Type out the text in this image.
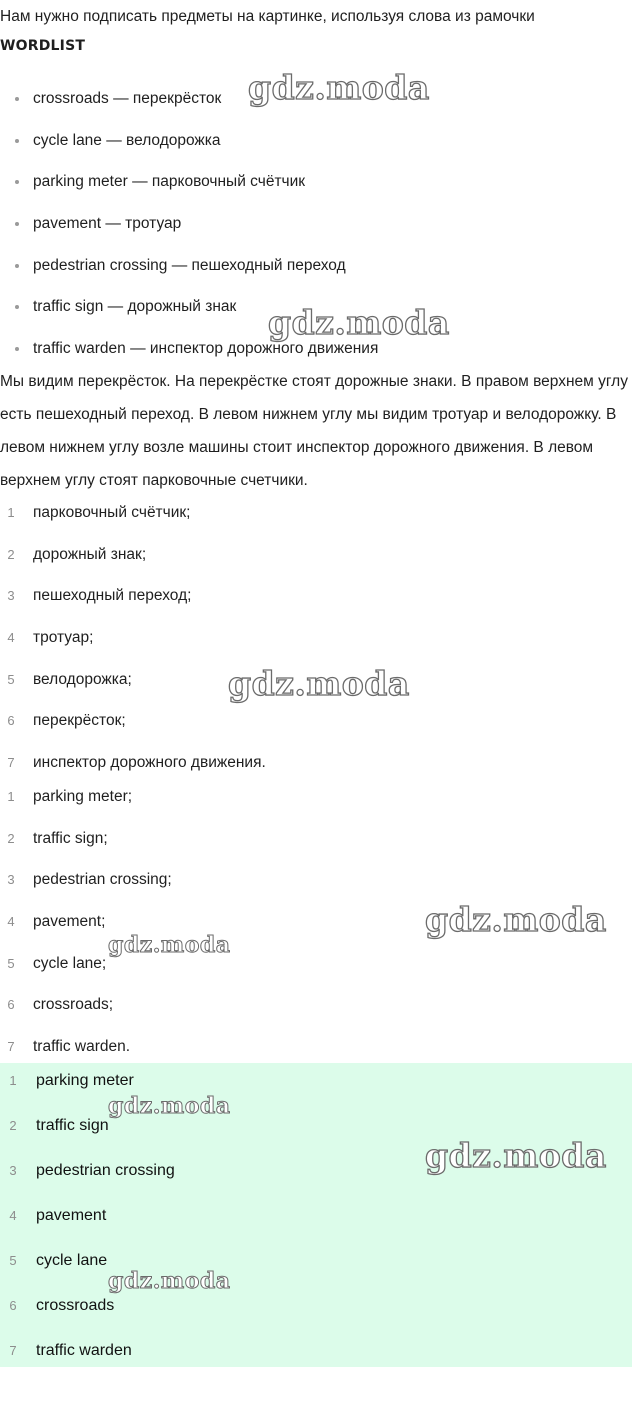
Нам нужно подписать предметы на картинке, используя слова из рамочки
WORDLIST
crossroads — перекрёсток
cycle lane — велодорожка
parking meter — парковочный счётчик
pavement — тротуар
pedestrian crossing — пешеходный переход
traffic sign — дорожный знак
traffic warden — инспектор дорожного движения
Мы видим перекрёсток. На перекрёстке стоят дорожные знаки. В правом верхнем углу есть пешеходный переход. В левом нижнем углу мы видим тротуар и велодорожку. В левом нижнем углу возле машины стоит инспектор дорожного движения. В левом верхнем углу стоят парковочные счетчики.
1	парковочный счётчик;
2	дорожный знак;
3	пешеходный переход;
4	тротуар;
5	велодорожка;
6	перекрёсток;
7	инспектор дорожного движения.
1	parking meter;
2	traffic sign;
3	pedestrian crossing;
4	pavement;
5	cycle lane;
6	crossroads;
7	traffic warden.
1	parking meter
2	traffic sign
3	pedestrian crossing
4	pavement
5	cycle lane
6	crossroads
7	traffic warden
gdz.moda
gdz.moda
gdz.moda
gdz.moda
gdz.moda
gdz.moda
gdz.moda
gdz.moda
